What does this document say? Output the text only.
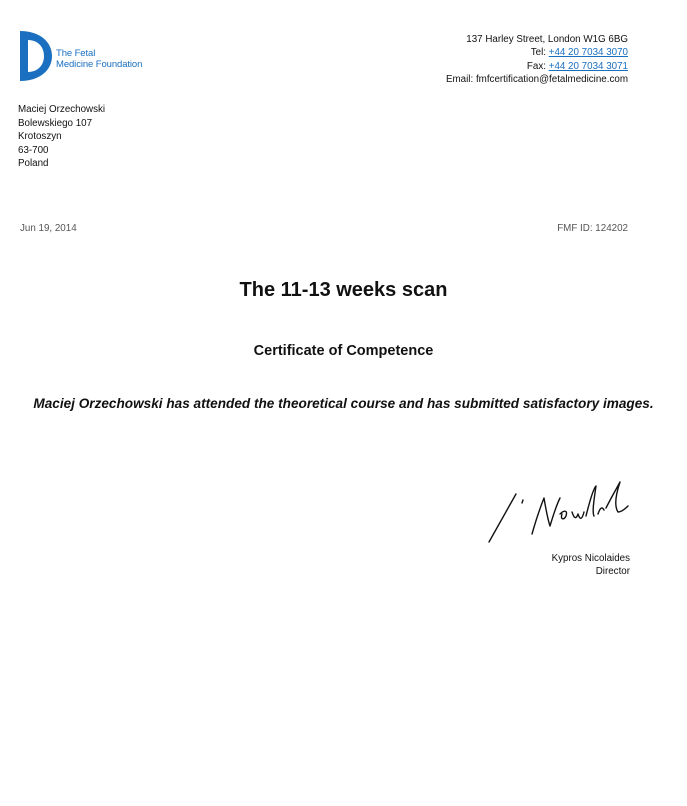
The Fetal
Medicine Foundation
137 Harley Street, London W1G 6BG
Tel: +44 20 7034 3070
Fax: +44 20 7034 3071
Email: fmfcertification@fetalmedicine.com
Maciej Orzechowski
Bolewskiego 107
Krotoszyn
63-700
Poland
Jun 19, 2014	FMF ID: 124202
The 11-13 weeks scan
Certificate of Competence
Maciej Orzechowski has attended the theoretical course and has submitted satisfactory images.
Kypros Nicolaides
Director
